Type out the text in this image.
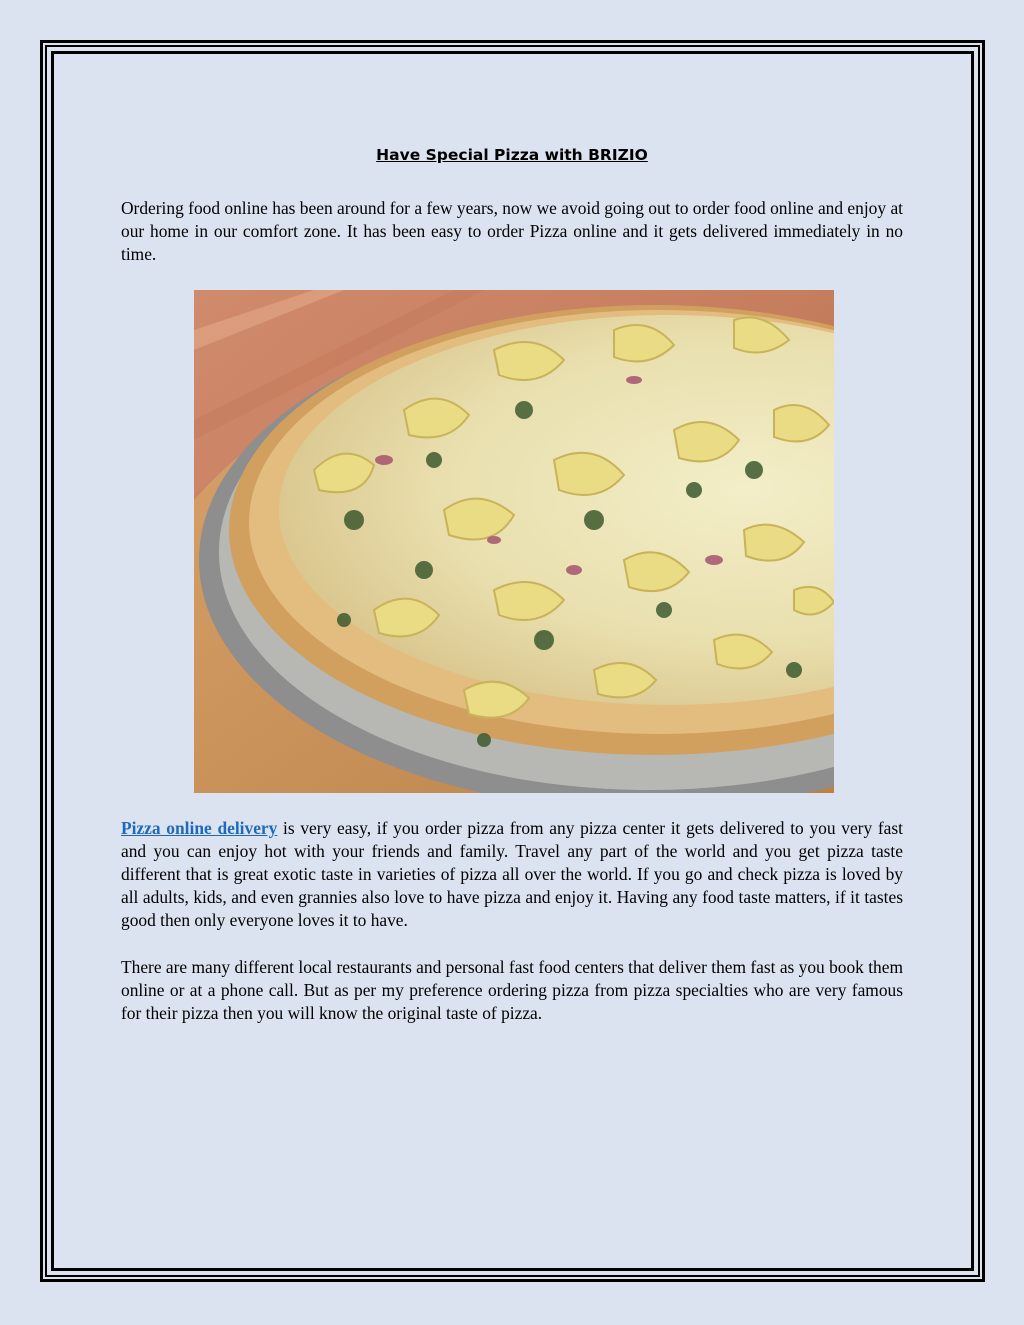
Have Special Pizza with BRIZIO

Ordering food online has been around for a few years, now we avoid going out to order food online and enjoy at our home in our comfort zone. It has been easy to order Pizza online and it gets delivered immediately in no time.

Pizza online delivery is very easy, if you order pizza from any pizza center it gets delivered to you very fast and you can enjoy hot with your friends and family. Travel any part of the world and you get pizza taste different that is great exotic taste in varieties of pizza all over the world. If you go and check pizza is loved by all adults, kids, and even grannies also love to have pizza and enjoy it. Having any food taste matters, if it tastes good then only everyone loves it to have.

There are many different local restaurants and personal fast food centers that deliver them fast as you book them online or at a phone call. But as per my preference ordering pizza from pizza specialties who are very famous for their pizza then you will know the original taste of pizza.
